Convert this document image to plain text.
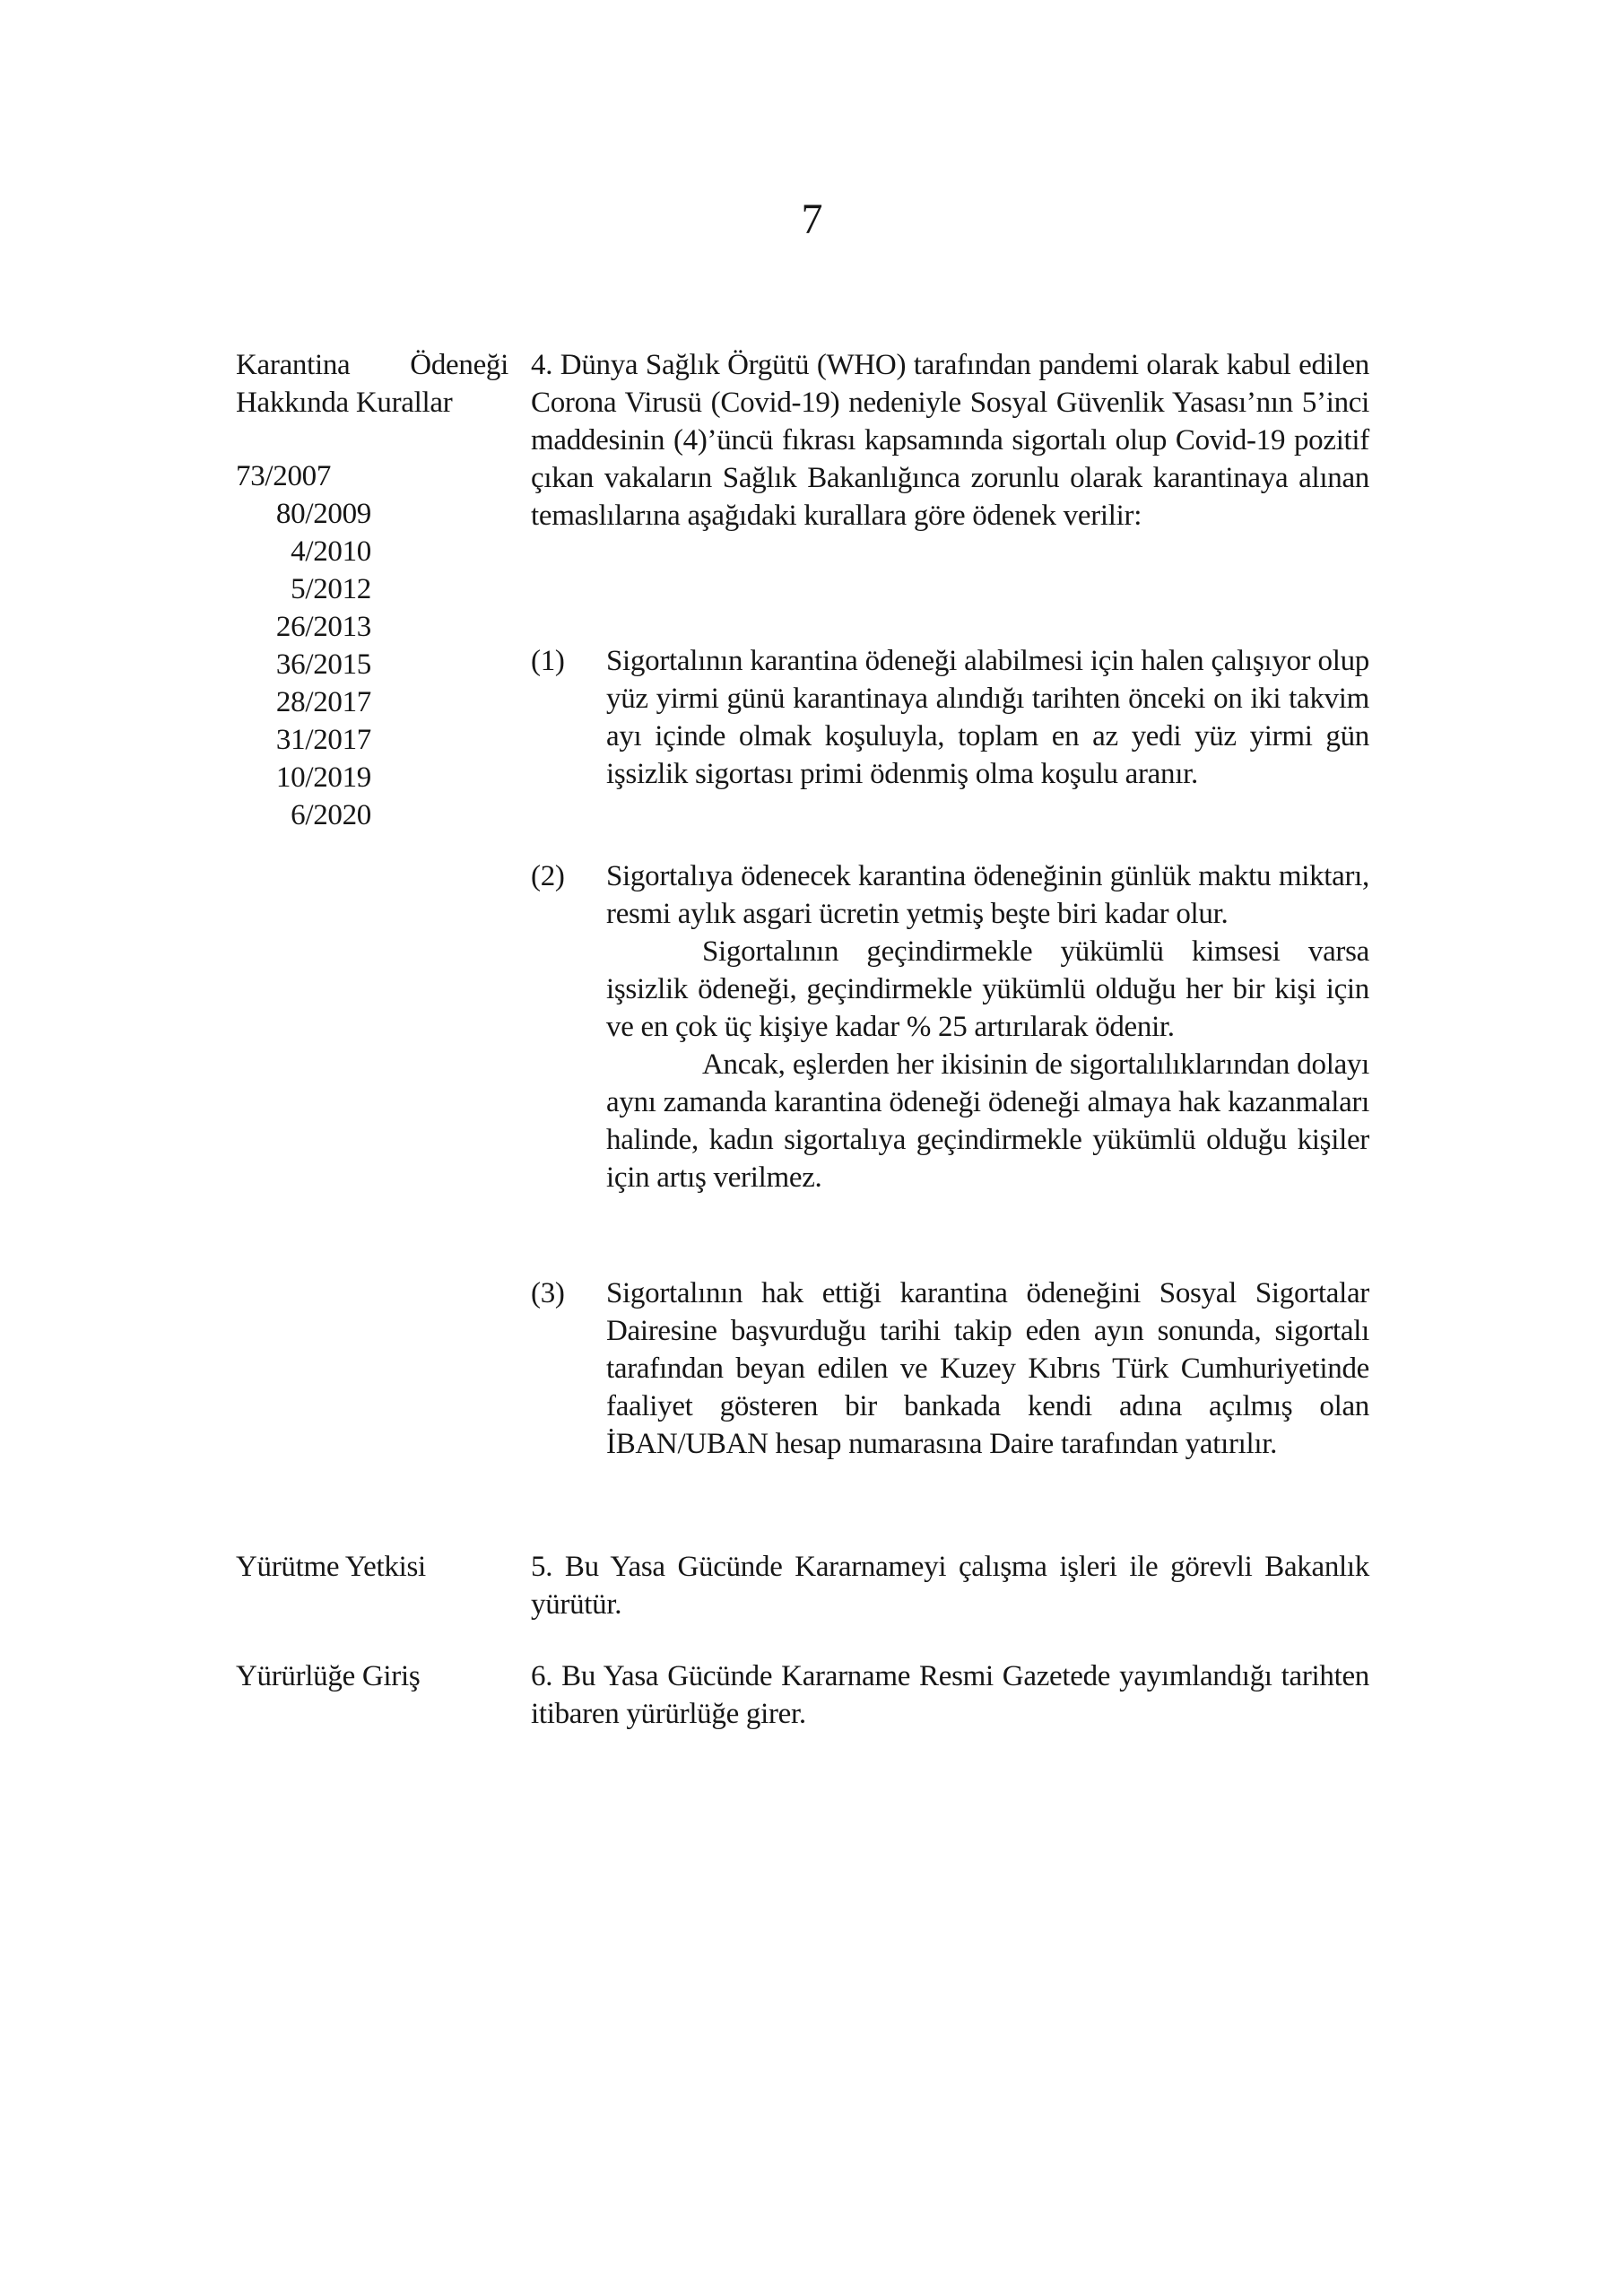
7
Karantina Ödeneği Hakkında Kurallar
73/2007
80/2009
4/2010
5/2012
26/2013
36/2015
28/2017
31/2017
10/2019
6/2020
4. Dünya Sağlık Örgütü (WHO) tarafından pandemi olarak kabul edilen Corona Virusü (Covid-19) nedeniyle Sosyal Güvenlik Yasası’nın 5’inci maddesinin (4)’üncü fıkrası kapsamında sigortalı olup Covid-19 pozitif çıkan vakaların Sağlık Bakanlığınca zorunlu olarak karantinaya alınan temaslılarına aşağıdaki kurallara göre ödenek verilir:
(1)	Sigortalının karantina ödeneği alabilmesi için halen çalışıyor olup yüz yirmi günü karantinaya alındığı tarihten önceki on iki takvim ayı içinde olmak koşuluyla, toplam en az yedi yüz yirmi gün işsizlik sigortası primi ödenmiş olma koşulu aranır.

(2)	Sigortalıya ödenecek karantina ödeneğinin günlük maktu miktarı, resmi aylık asgari ücretin yetmiş beşte biri kadar olur.

Sigortalının geçindirmekle yükümlü kimsesi varsa işsizlik ödeneği, geçindirmekle yükümlü olduğu her bir kişi için ve en çok üç kişiye kadar % 25 artırılarak ödenir.

Ancak, eşlerden her ikisinin de sigortalılıklarından dolayı aynı zamanda karantina ödeneği ödeneği almaya hak kazanmaları halinde, kadın sigortalıya geçindirmekle yükümlü olduğu kişiler için artış verilmez.

(3)	Sigortalının hak ettiği karantina ödeneğini Sosyal Sigortalar Dairesine başvurduğu tarihi takip eden ayın sonunda, sigortalı tarafından beyan edilen ve Kuzey Kıbrıs Türk Cumhuriyetinde faaliyet gösteren bir bankada kendi adına açılmış olan İBAN/UBAN hesap numarasına Daire tarafından yatırılır.

Yürütme Yetkisi	5. Bu Yasa Gücünde Kararnameyi çalışma işleri ile görevli Bakanlık yürütür.
Yürürlüğe Giriş	6. Bu Yasa Gücünde Kararname Resmi Gazetede yayımlandığı tarihten itibaren yürürlüğe girer.
